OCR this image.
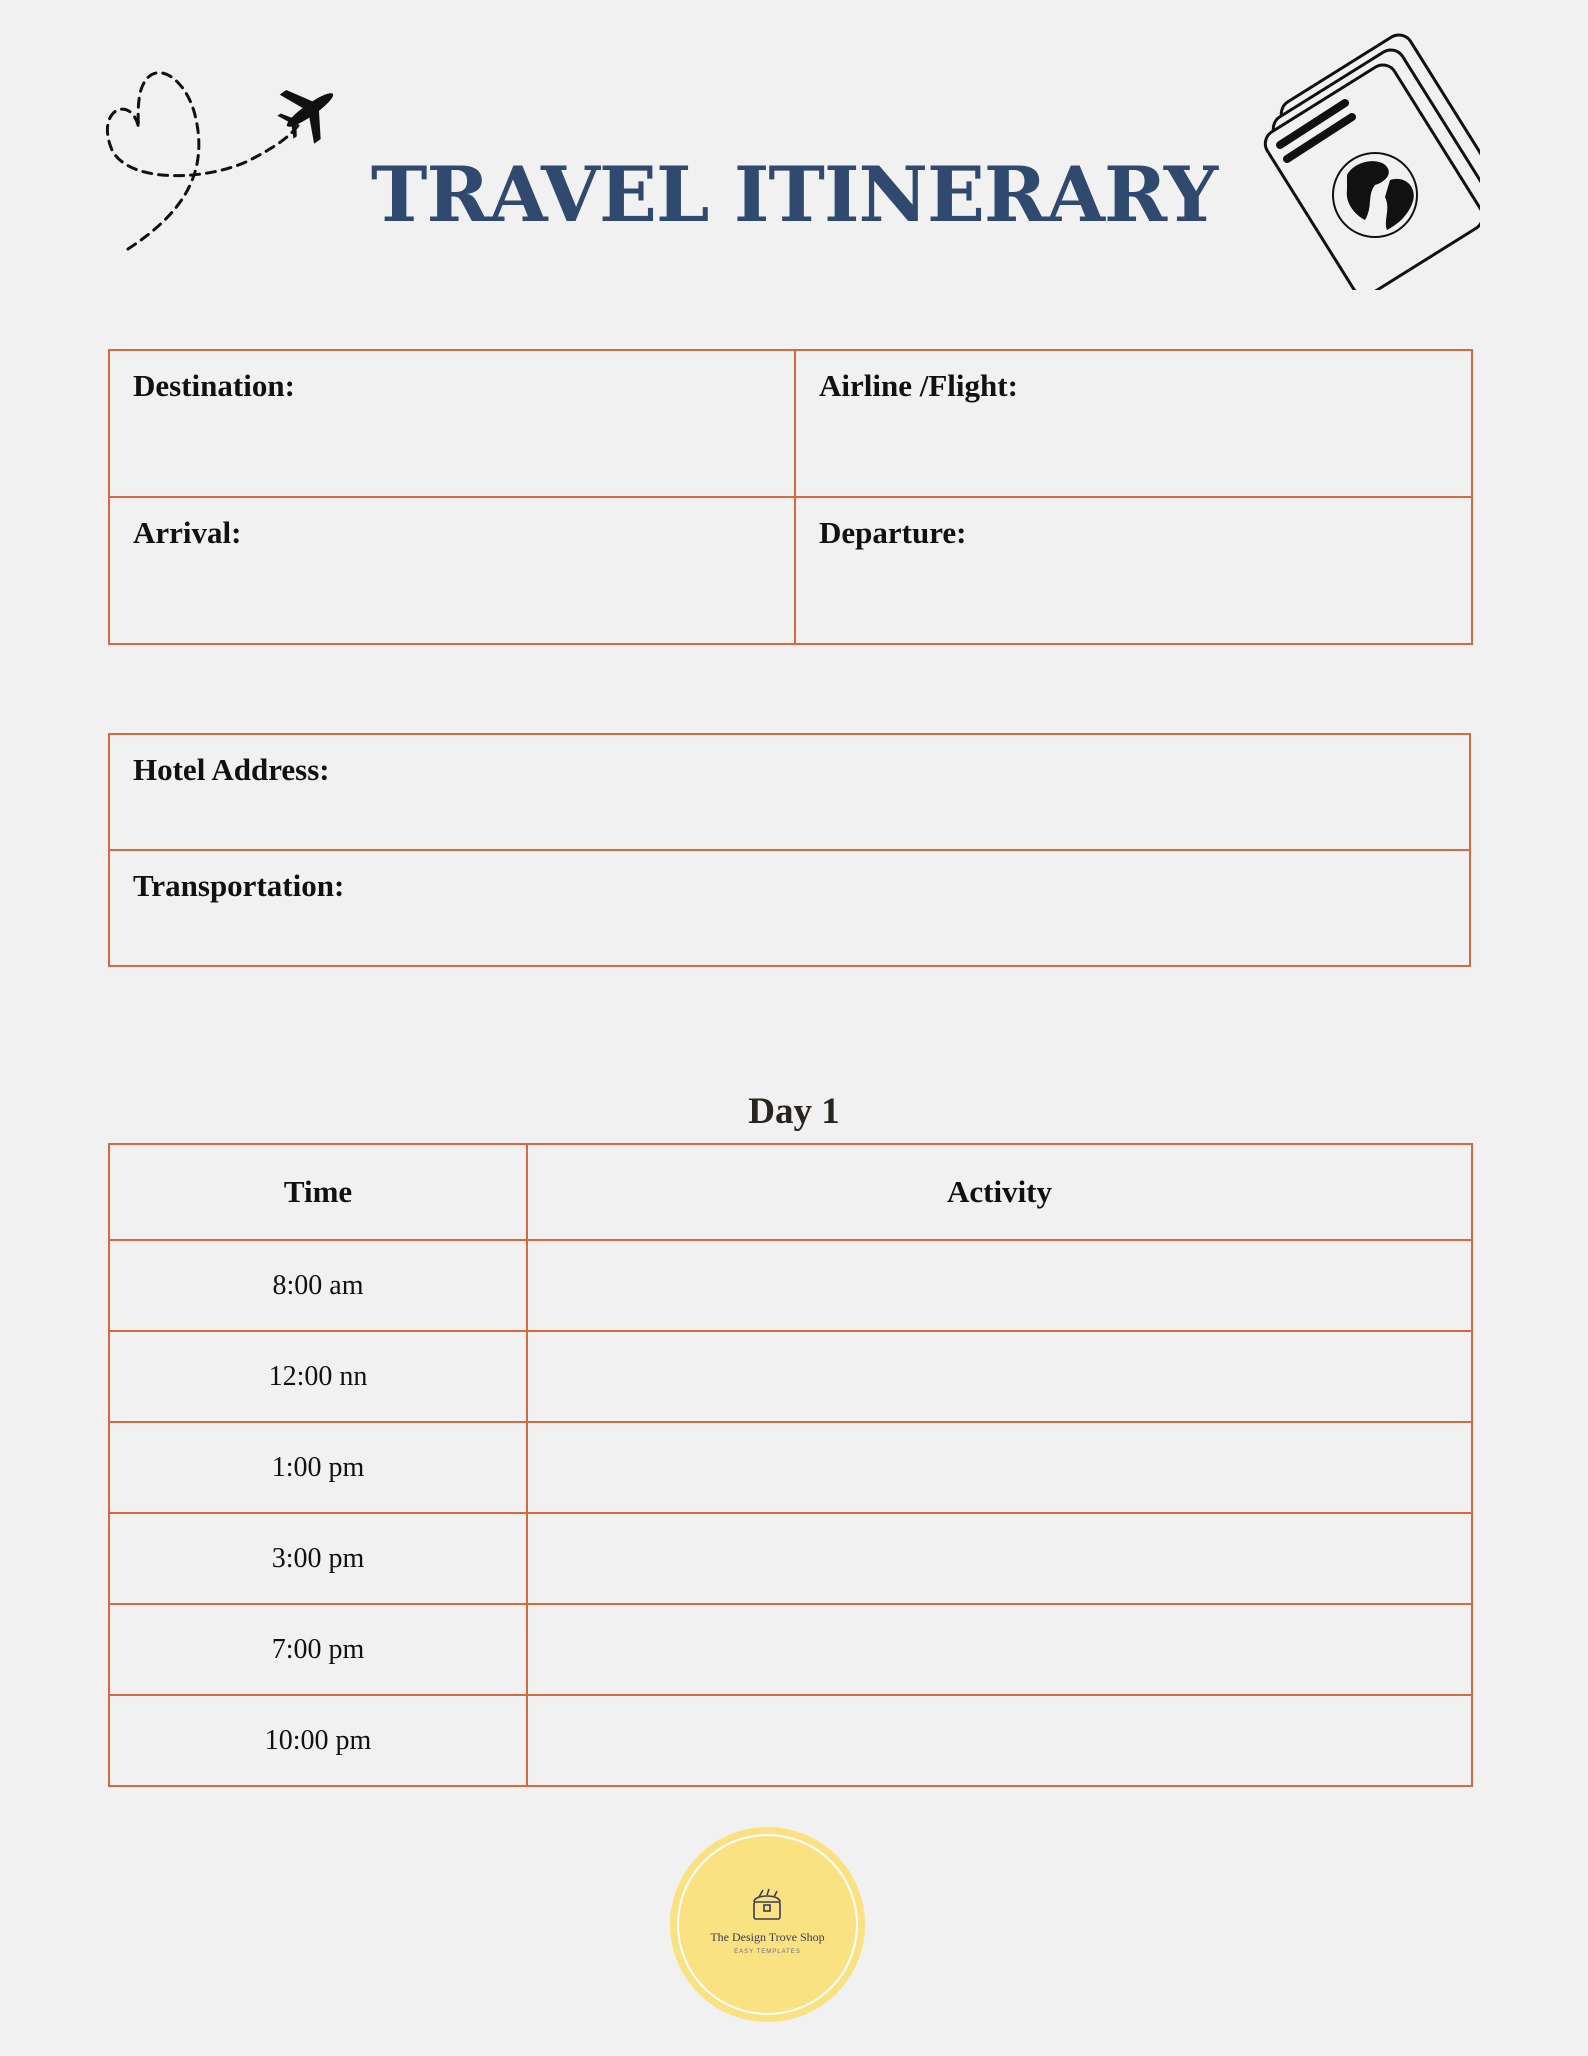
TRAVEL ITINERARY
Destination:	Airline /Flight:

Arrival:	Departure:
Hotel Address:

Transportation:
Day 1
Time	Activity
8:00 am	
12:00 nn	
1:00 pm	
3:00 pm	
7:00 pm	
10:00 pm	
The Design Trove Shop
EASY TEMPLATES
